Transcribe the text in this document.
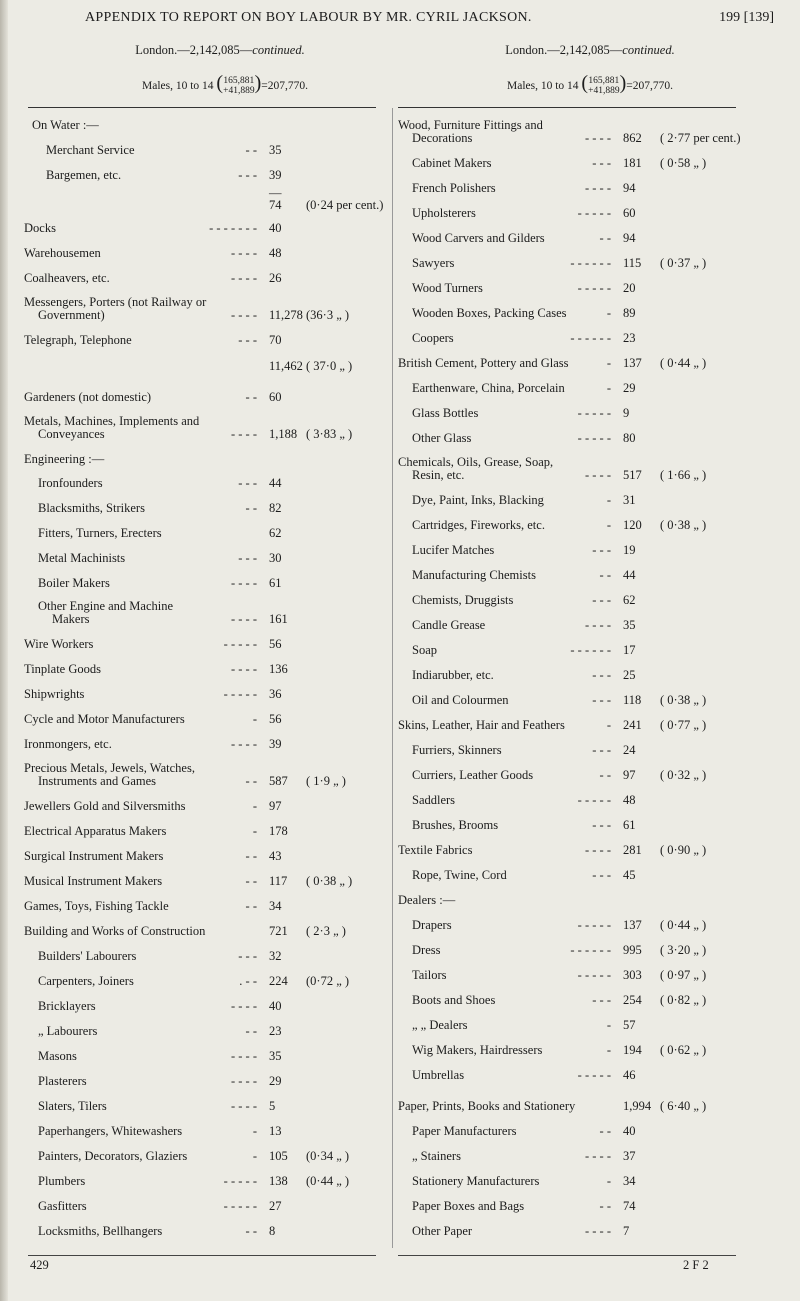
APPENDIX TO REPORT ON BOY LABOUR BY MR. CYRIL JACKSON.	199 [139]
London.—2,142,085—continued.	London.—2,142,085—continued.
Males, 10 to 14 ( 165,881
+41,889 )=207,770.	Males, 10 to 14 ( 165,881
+41,889 )=207,770.
On Water :—
Merchant Service	- - 35
Bargemen, etc.	- - - 39
—
74 (0·24 per cent.)
Docks	- - - - - - - 40
Warehousemen	- - - - 48
Coalheavers, etc.	- - - - 26
Messengers, Porters (not Railway or
Government)	- - - - 11,278 (36·3 „ )
Telegraph, Telephone	- - - 70
11,462 ( 37·0 „ )
Gardeners (not domestic)	- - 60
Metals, Machines, Implements and
Conveyances	- - - - 1,188 ( 3·83 „ )
Engineering :—
Ironfounders	- - - 44
Blacksmiths, Strikers	- - 82
Fitters, Turners, Erecters	62
Metal Machinists	- - - 30
Boiler Makers	- - - - 61
Other Engine and Machine
Makers	- - - - 161
Wire Workers	- - - - - 56
Tinplate Goods	- - - - 136
Shipwrights	- - - - - 36
Cycle and Motor Manufacturers	- 56
Ironmongers, etc.	- - - - 39
Precious Metals, Jewels, Watches,
Instruments and Games	- - 587 ( 1·9 „ )
Jewellers Gold and Silversmiths	- 97
Electrical Apparatus Makers	- 178
Surgical Instrument Makers	- - 43
Musical Instrument Makers	- - 117 ( 0·38 „ )
Games, Toys, Fishing Tackle	- - 34
Building and Works of Construction	721 ( 2·3 „ )
Builders' Labourers	- - - 32
Carpenters, Joiners	. - - 224 (0·72 „ )
Bricklayers	- - - - 40
„ Labourers	- - 23
Masons	- - - - 35
Plasterers	- - - - 29
Slaters, Tilers	- - - - 5
Paperhangers, Whitewashers	- 13
Painters, Decorators, Glaziers	- 105 (0·34 „ )
Plumbers	- - - - - 138 (0·44 „ )
Gasfitters	- - - - - 27
Locksmiths, Bellhangers	- - 8
Wood, Furniture Fittings and
Decorations	- - - - 862 ( 2·77 per cent.)
Cabinet Makers	- - - 181 ( 0·58 „ )
French Polishers	- - - - 94
Upholsterers	- - - - - 60
Wood Carvers and Gilders	- - 94
Sawyers	- - - - - - 115 ( 0·37 „ )
Wood Turners	- - - - - 20
Wooden Boxes, Packing Cases	- 89
Coopers	- - - - - - 23
British Cement, Pottery and Glass	- 137 ( 0·44 „ )
Earthenware, China, Porcelain	- 29
Glass Bottles	- - - - - 9
Other Glass	- - - - - 80
Chemicals, Oils, Grease, Soap,
Resin, etc.	- - - - 517 ( 1·66 „ )
Dye, Paint, Inks, Blacking	- 31
Cartridges, Fireworks, etc.	- 120 ( 0·38 „ )
Lucifer Matches	- - - 19
Manufacturing Chemists	- - 44
Chemists, Druggists	- - - 62
Candle Grease	- - - - 35
Soap	- - - - - - 17
Indiarubber, etc.	- - - 25
Oil and Colourmen	- - - 118 ( 0·38 „ )
Skins, Leather, Hair and Feathers	- 241 ( 0·77 „ )
Furriers, Skinners	- - - 24
Curriers, Leather Goods	- - 97 ( 0·32 „ )
Saddlers	- - - - - 48
Brushes, Brooms	- - - 61
Textile Fabrics	- - - - 281 ( 0·90 „ )
Rope, Twine, Cord	- - - 45
Dealers :—
Drapers	- - - - - 137 ( 0·44 „ )
Dress	- - - - - - 995 ( 3·20 „ )
Tailors	- - - - - 303 ( 0·97 „ )
Boots and Shoes	- - - 254 ( 0·82 „ )
„ „ Dealers	- 57
Wig Makers, Hairdressers	- 194 ( 0·62 „ )
Umbrellas	- - - - - 46
Paper, Prints, Books and Stationery	1,994 ( 6·40 „ )
Paper Manufacturers	- - 40
„ Stainers	- - - - 37
Stationery Manufacturers	- 34
Paper Boxes and Bags	- - 74
Other Paper	- - - - 7
429	2 F 2
